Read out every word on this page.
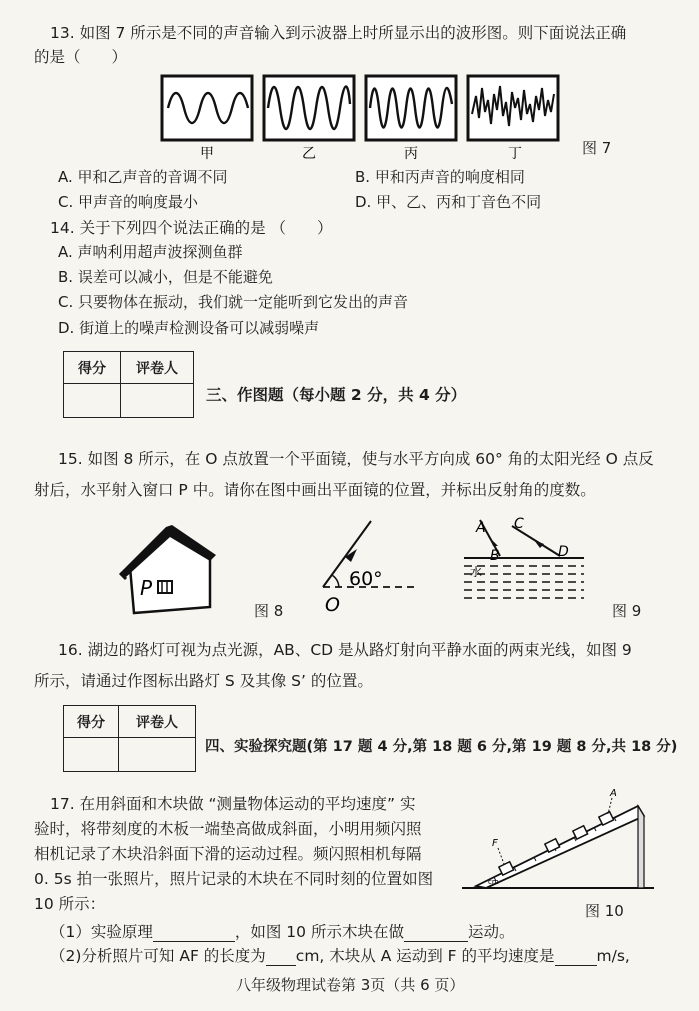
13. 如图 7 所示是不同的声音输入到示波器上时所显示出的波形图。则下面说法正确
的是（　　）
甲	乙	丙	丁	图 7
A. 甲和乙声音的音调不同	B. 甲和丙声音的响度相同
C. 甲声音的响度最小	D. 甲、乙、丙和丁音色不同
14. 关于下列四个说法正确的是 （　　）
A. 声呐利用超声波探测鱼群
B. 误差可以减小，但是不能避免
C. 只要物体在振动，我们就一定能听到它发出的声音
D. 街道上的噪声检测设备可以减弱噪声
得分	评卷人

三、作图题（每小题 2 分，共 4 分）
15. 如图 8 所示，在 O 点放置一个平面镜，使与水平方向成 60° 角的太阳光经 O 点反
射后，水平射入窗口 P 中。请你在图中画出平面镜的位置，并标出反射角的度数。
P	60°
O
图 8
A
B
C
D
水
图 9
16. 湖边的路灯可视为点光源，AB、CD 是从路灯射向平静水面的两束光线，如图 9
所示，请通过作图标出路灯 S 及其像 S’ 的位置。
得分	评卷人

四、实验探究题(第 17 题 4 分,第 18 题 6 分,第 19 题 8 分,共 18 分)
17. 在用斜面和木块做 “测量物体运动的平均速度” 实
验时，将带刻度的木板一端垫高做成斜面，小明用频闪照
相机记录了木块沿斜面下滑的运动过程。频闪照相机每隔
0. 5s 拍一张照片，照片记录的木块在不同时刻的位置如图
10 所示：
A
F
cm
图 10
（1）实验原理	，如图 10 所示木块在做	运动。
（2)分析照片可知 AF 的长度为 cm, 木块从 A 运动到 F 的平均速度是	m/s,
八年级物理试卷第 3页（共 6 页）
